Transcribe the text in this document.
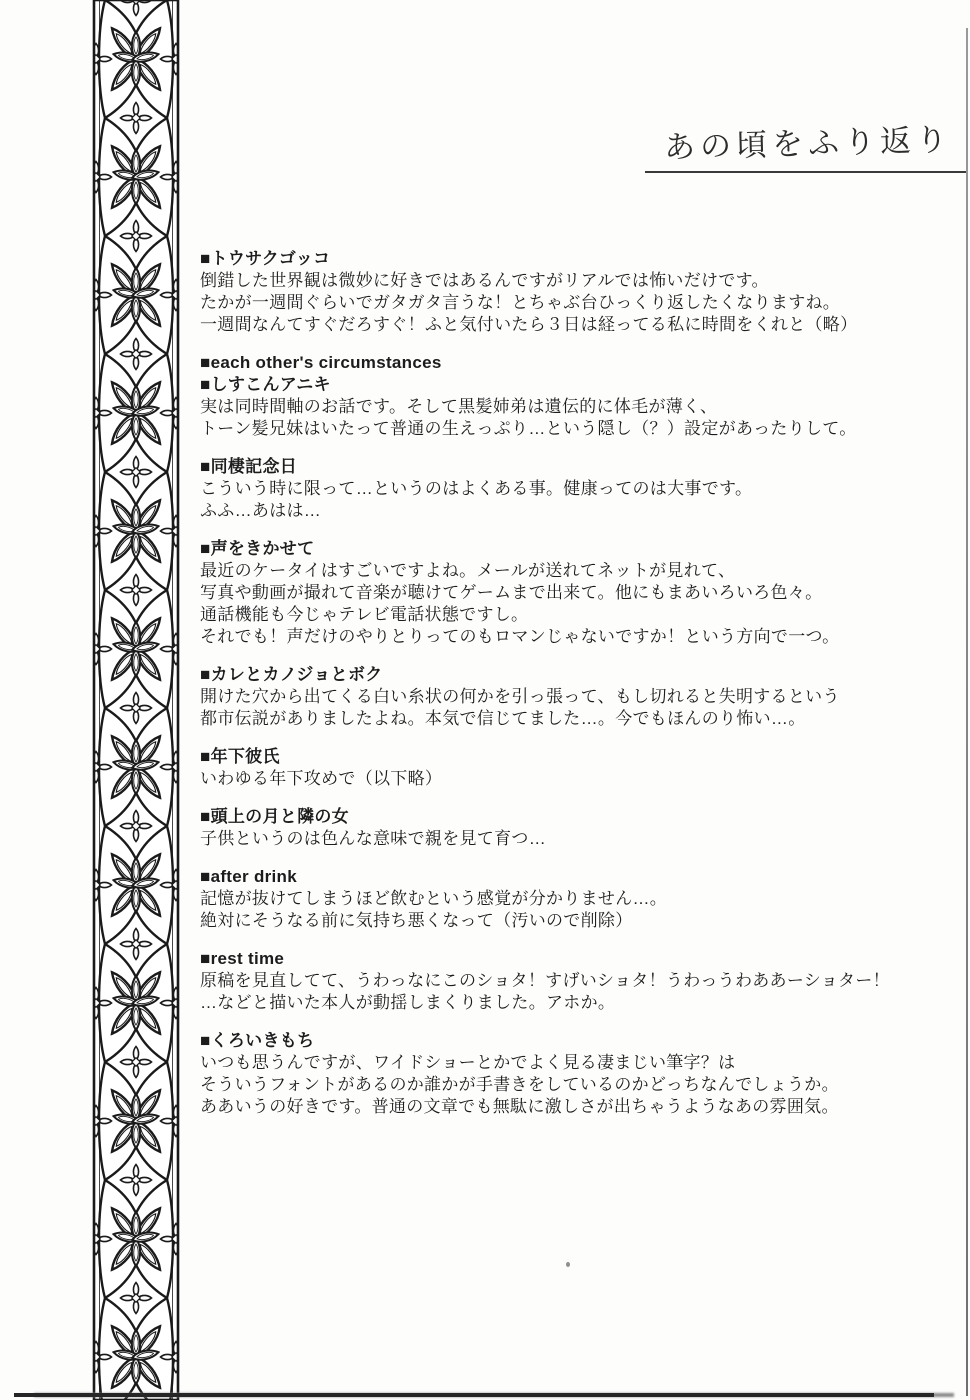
あの頃をふり返り
■トウサクゴッコ
倒錯した世界観は微妙に好きではあるんですがリアルでは怖いだけです。
たかが一週間ぐらいでガタガタ言うな！とちゃぶ台ひっくり返したくなりますね。
一週間なんてすぐだろすぐ！ふと気付いたら３日は経ってる私に時間をくれと（略）
■each other's circumstances
■しすこんアニキ
実は同時間軸のお話です。そして黒髪姉弟は遺伝的に体毛が薄く、
トーン髪兄妹はいたって普通の生えっぷり…という隠し（？）設定があったりして。
■同棲記念日
こういう時に限って…というのはよくある事。健康ってのは大事です。
ふふ…あはは…
■声をきかせて
最近のケータイはすごいですよね。メールが送れてネットが見れて、
写真や動画が撮れて音楽が聴けてゲームまで出来て。他にもまあいろいろ色々。
通話機能も今じゃテレビ電話状態ですし。
それでも！声だけのやりとりってのもロマンじゃないですか！という方向で一つ。
■カレとカノジョとボク
開けた穴から出てくる白い糸状の何かを引っ張って、もし切れると失明するという
都市伝説がありましたよね。本気で信じてました…。今でもほんのり怖い…。
■年下彼氏
いわゆる年下攻めで（以下略）
■頭上の月と隣の女
子供というのは色んな意味で親を見て育つ…
■after drink
記憶が抜けてしまうほど飲むという感覚が分かりません…。
絶対にそうなる前に気持ち悪くなって（汚いので削除）
■rest time
原稿を見直してて、うわっなにこのショタ！すげいショタ！うわっうわああーショター！
…などと描いた本人が動揺しまくりました。アホか。
■くろいきもち
いつも思うんですが、ワイドショーとかでよく見る凄まじい筆字？は
そういうフォントがあるのか誰かが手書きをしているのかどっちなんでしょうか。
ああいうの好きです。普通の文章でも無駄に激しさが出ちゃうようなあの雰囲気。
